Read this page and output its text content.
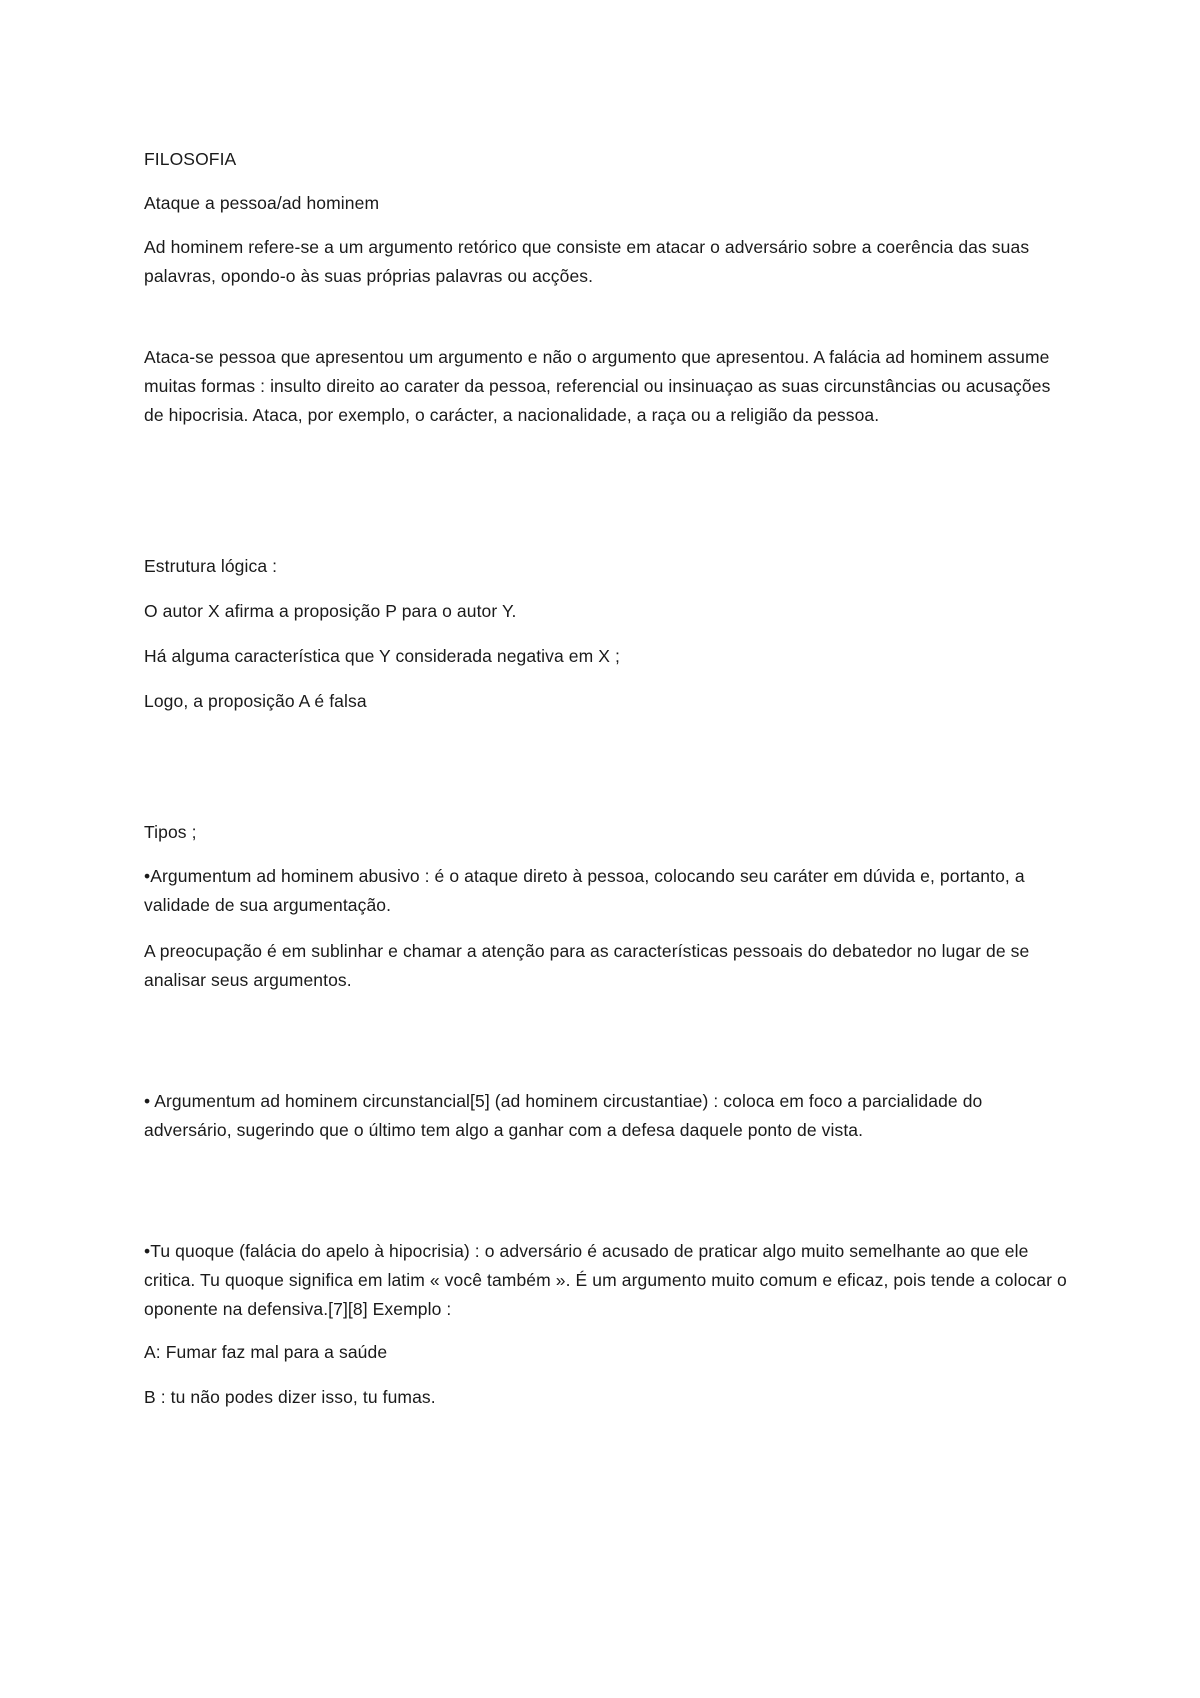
FILOSOFIA

Ataque a pessoa/ad hominem

Ad hominem refere-se a um argumento retórico que consiste em atacar o adversário sobre a coerência das suas palavras, opondo-o às suas próprias palavras ou acções.

Ataca-se pessoa que apresentou um argumento e não o argumento que apresentou. A falácia ad hominem assume muitas formas : insulto direito ao carater da pessoa, referencial ou insinuaçao as suas circunstâncias ou acusações de hipocrisia. Ataca, por exemplo, o carácter, a nacionalidade, a raça ou a religião da pessoa.

Estrutura lógica :

O autor X afirma a proposição P para o autor Y.

Há alguma característica que Y considerada negativa em X ;

Logo, a proposição A é falsa

Tipos ;

•Argumentum ad hominem abusivo : é o ataque direto à pessoa, colocando seu caráter em dúvida e, portanto, a validade de sua argumentação.

A preocupação é em sublinhar e chamar a atenção para as características pessoais do debatedor no lugar de se analisar seus argumentos.

• Argumentum ad hominem circunstancial[5] (ad hominem circustantiae) : coloca em foco a parcialidade do adversário, sugerindo que o último tem algo a ganhar com a defesa daquele ponto de vista.

•Tu quoque (falácia do apelo à hipocrisia) : o adversário é acusado de praticar algo muito semelhante ao que ele critica. Tu quoque significa em latim « você também ». É um argumento muito comum e eficaz, pois tende a colocar o oponente na defensiva.[7][8] Exemplo :

A: Fumar faz mal para a saúde

B : tu não podes dizer isso, tu fumas.
